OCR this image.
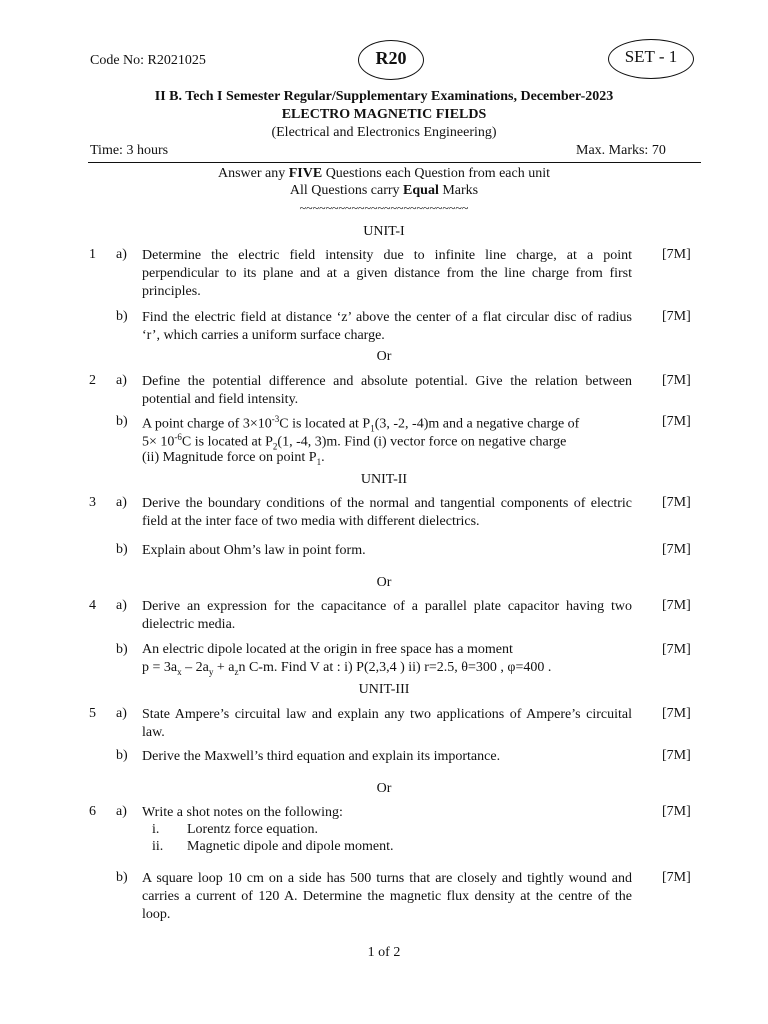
Code No: R2021025	R20	SET - 1
II B. Tech I Semester Regular/Supplementary Examinations, December-2023
ELECTRO MAGNETIC FIELDS
(Electrical and Electronics Engineering)
Time: 3 hours	Max. Marks: 70
Answer any FIVE Questions each Question from each unit
All Questions carry Equal Marks
~~~~~~~~~~~~~~~~~~~~~~~~~~
UNIT-I
1 a) Determine the electric field intensity due to infinite line charge, at a point perpendicular to its plane and at a given distance from the line charge from first principles.
[7M]
b) Find the electric field at distance ‘z’ above the center of a flat circular disc of radius ‘r’, which carries a uniform surface charge.
[7M]
Or
2 a) Define the potential difference and absolute potential. Give the relation between potential and field intensity.
[7M]
b) A point charge of $3\times 10^{-3}C$ is located at $P_1(3$, -2, -4)m and a negative charge of
$5\times 10^{-6}C$ is located at $P_2(1$, -4, 3)m. Find (i) vector force on negative charge
(ii) Magnitude force on point $P_1$.
[7M]
UNIT-II
3 a) Derive the boundary conditions of the normal and tangential components of electric field at the inter face of two media with different dielectrics.
[7M]
b) Explain about Ohm’s law in point form.	[7M]
Or
4 a) Derive an expression for the capacitance of a parallel plate capacitor having two dielectric media.
[7M]
b) An electric dipole located at the origin in free space has a moment
$p = 3a_x - 2a_y + a_zn$ C-m. Find V at : i) P(2,3,4 ) ii) r=2.5, θ=300 , φ=400 .
[7M]
UNIT-III
5 a) State Ampere’s circuital law and explain any two applications of Ampere’s circuital law.
[7M]
b) Derive the Maxwell’s third equation and explain its importance.	[7M]
Or
6 a) Write a shot notes on the following:	[7M]
i. Lorentz force equation.
ii. Magnetic dipole and dipole moment.
b) A square loop 10 cm on a side has 500 turns that are closely and tightly wound and carries a current of 120 A. Determine the magnetic flux density at the centre of the loop.
[7M]
1 of 2
